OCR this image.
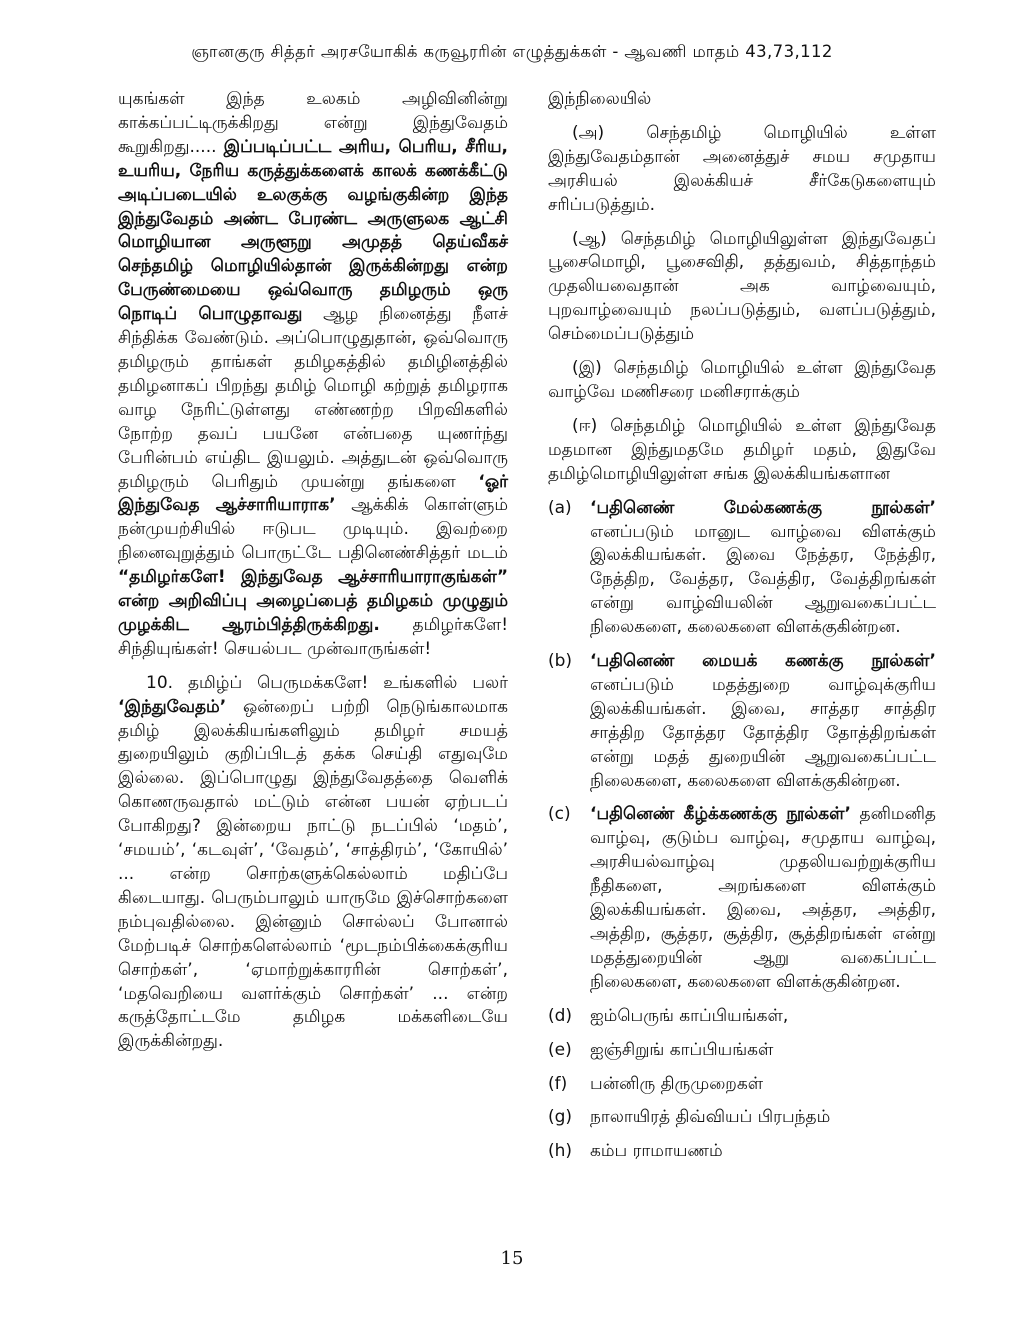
ஞானகுரு சித்தர் அரசயோகிக் கருவூரரின் எழுத்துக்கள் - ஆவணி மாதம் 43,73,112

யுகங்கள் இந்த உலகம் அழிவினின்று காக்கப்பட்டிருக்கிறது என்று இந்துவேதம் கூறுகிறது..... இப்படிப்பட்ட அரிய, பெரிய, சீரிய, உயரிய, நேரிய கருத்துக்களைக் காலக் கணக்கீட்டு அடிப்படையில் உலகுக்கு வழங்குகின்ற இந்த இந்துவேதம் அண்ட பேரண்ட அருளுலக ஆட்சி மொழியான அருளூறு அமுதத் தெய்வீகச் செந்தமிழ் மொழியில்தான் இருக்கின்றது என்ற பேருண்மையை ஒவ்வொரு தமிழரும் ஒரு நொடிப் பொழுதாவது ஆழ நினைத்து நீளச் சிந்திக்க வேண்டும். அப்பொழுதுதான், ஒவ்வொரு தமிழரும் தாங்கள் தமிழகத்தில் தமிழினத்தில் தமிழனாகப் பிறந்து தமிழ் மொழி கற்றுத் தமிழராக வாழ நேரிட்டுள்ளது எண்ணற்ற பிறவிகளில் நோற்ற தவப் பயனே என்பதை யுணர்ந்து பேரின்பம் எய்திட இயலும். அத்துடன் ஒவ்வொரு தமிழரும் பெரிதும் முயன்று தங்களை ‘ஓர் இந்துவேத ஆச்சாரியாராக’ ஆக்கிக் கொள்ளும் நன்முயற்சியில் ஈடுபட முடியும். இவற்றை நினைவுறுத்தும் பொருட்டே பதினெண்சித்தர் மடம் “தமிழர்களே! இந்துவேத ஆச்சாரியாராகுங்கள்” என்ற அறிவிப்பு அழைப்பைத் தமிழகம் முழுதும் முழக்கிட ஆரம்பித்திருக்கிறது. தமிழர்களே! சிந்தியுங்கள்! செயல்பட முன்வாருங்கள்!

10. தமிழ்ப் பெருமக்களே! உங்களில் பலர் ‘இந்துவேதம்’ ஒன்றைப் பற்றி நெடுங்காலமாக தமிழ் இலக்கியங்களிலும் தமிழர் சமயத் துறையிலும் குறிப்பிடத் தக்க செய்தி எதுவுமே இல்லை. இப்பொழுது இந்துவேதத்தை வெளிக் கொணருவதால் மட்டும் என்ன பயன் ஏற்படப் போகிறது? இன்றைய நாட்டு நடப்பில் ‘மதம்’, ‘சமயம்’, ‘கடவுள்’, ‘வேதம்’, ‘சாத்திரம்’, ‘கோயில்’ ... என்ற சொற்களுக்கெல்லாம் மதிப்பே கிடையாது. பெரும்பாலும் யாருமே இச்சொற்களை நம்புவதில்லை. இன்னும் சொல்லப் போனால் மேற்படிச் சொற்களெல்லாம் ‘மூடநம்பிக்கைக்குரிய சொற்கள்’, ‘ஏமாற்றுக்காரரின் சொற்கள்’, ‘மதவெறியை வளர்க்கும் சொற்கள்’ ... என்ற கருத்தோட்டமே தமிழக மக்களிடையே இருக்கின்றது.

இந்நிலையில்

(அ) செந்தமிழ் மொழியில் உள்ள இந்துவேதம்தான் அனைத்துச் சமய சமுதாய அரசியல் இலக்கியச் சீர்கேடுகளையும் சரிப்படுத்தும்.

(ஆ) செந்தமிழ் மொழியிலுள்ள இந்துவேதப் பூசைமொழி, பூசைவிதி, தத்துவம், சித்தாந்தம் முதலியவைதான் அக வாழ்வையும், புறவாழ்வையும் நலப்படுத்தும், வளப்படுத்தும், செம்மைப்படுத்தும்

(இ) செந்தமிழ் மொழியில் உள்ள இந்துவேத வாழ்வே மணிசரை மனிசராக்கும்

(ஈ) செந்தமிழ் மொழியில் உள்ள இந்துவேத மதமான இந்துமதமே தமிழர் மதம், இதுவே தமிழ்மொழியிலுள்ள சங்க இலக்கியங்களான

(a)	‘பதினெண் மேல்கணக்கு நூல்கள்’ எனப்படும் மானுட வாழ்வை விளக்கும் இலக்கியங்கள். இவை நேத்தர, நேத்திர, நேத்திற, வேத்தர, வேத்திர, வேத்திறங்கள் என்று வாழ்வியலின் ஆறுவகைப்பட்ட நிலைகளை, கலைகளை விளக்குகின்றன.

(b)	‘பதினெண் மையக் கணக்கு நூல்கள்’ எனப்படும் மதத்துறை வாழ்வுக்குரிய இலக்கியங்கள். இவை, சாத்தர சாத்திர சாத்திற தோத்தர தோத்திர தோத்திறங்கள் என்று மதத் துறையின் ஆறுவகைப்பட்ட நிலைகளை, கலைகளை விளக்குகின்றன.

(c)	‘பதினெண் கீழ்க்கணக்கு நூல்கள்’ தனிமனித வாழ்வு, குடும்ப வாழ்வு, சமுதாய வாழ்வு, அரசியல்வாழ்வு முதலியவற்றுக்குரிய நீதிகளை, அறங்களை விளக்கும் இலக்கியங்கள். இவை, அத்தர, அத்திர, அத்திற, சூத்தர, சூத்திர, சூத்திறங்கள் என்று மதத்துறையின் ஆறு வகைப்பட்ட நிலைகளை, கலைகளை விளக்குகின்றன.

(d)	ஐம்பெருங் காப்பியங்கள்,
(e)	ஐஞ்சிறுங் காப்பியங்கள்
(f)	பன்னிரு திருமுறைகள்
(g)	நாலாயிரத் திவ்வியப் பிரபந்தம்
(h)	கம்ப ராமாயணம்
15
